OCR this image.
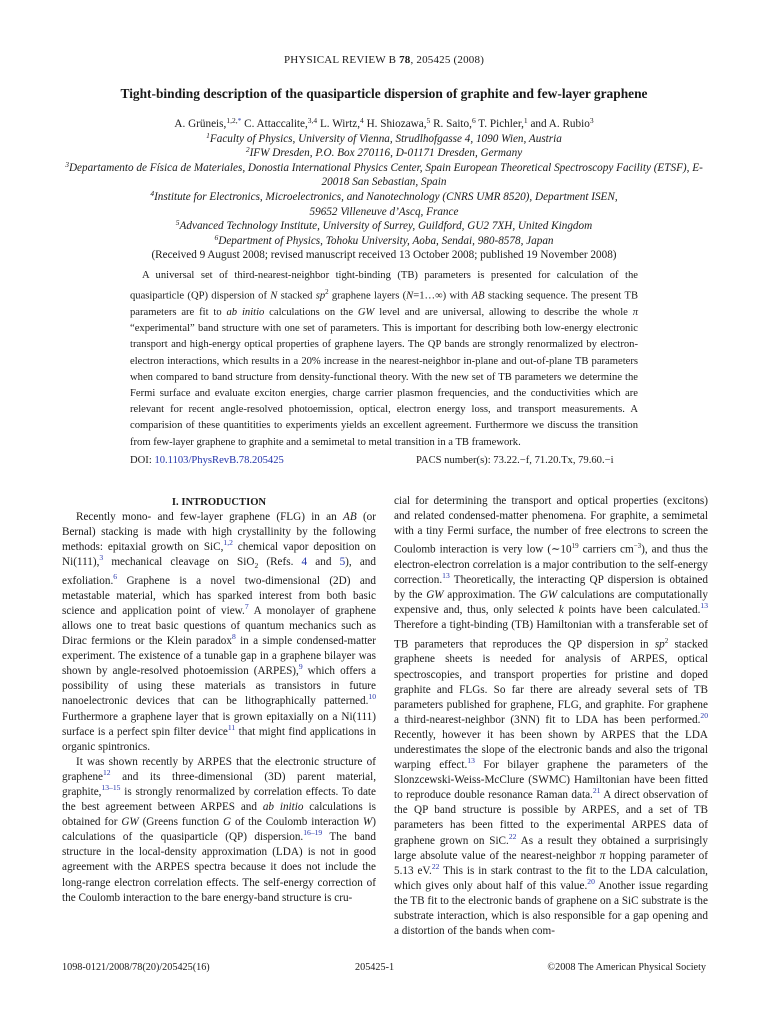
PHYSICAL REVIEW B 78, 205425 (2008)
Tight-binding description of the quasiparticle dispersion of graphite and few-layer graphene
A. Grüneis,$^{1,2,*}$ C. Attaccalite,$^{3,4}$ L. Wirtz,$^4$ H. Shiozawa,$^5$ R. Saito,$^6$ T. Pichler,$^1$ and A. Rubio$^3$
$^1$Faculty of Physics, University of Vienna, Strudlhofgasse 4, 1090 Wien, Austria
$^2$IFW Dresden, P.O. Box 270116, D-01171 Dresden, Germany
$^3$Departamento de Física de Materiales, Donostia International Physics Center, Spain European Theoretical Spectroscopy Facility (ETSF), E-20018 San Sebastian, Spain
$^4$Institute for Electronics, Microelectronics, and Nanotechnology (CNRS UMR 8520), Department ISEN,
59652 Villeneuve d’Ascq, France
$^5$Advanced Technology Institute, University of Surrey, Guildford, GU2 7XH, United Kingdom
$^6$Department of Physics, Tohoku University, Aoba, Sendai, 980-8578, Japan
(Received 9 August 2008; revised manuscript received 13 October 2008; published 19 November 2008)
A universal set of third-nearest-neighbor tight-binding (TB) parameters is presented for calculation of the quasiparticle (QP) dispersion of N stacked $sp^2$ graphene layers (N=1…∞) with AB stacking sequence. The present TB parameters are fit to ab initio calculations on the GW level and are universal, allowing to describe the whole π “experimental” band structure with one set of parameters. This is important for describing both low-energy electronic transport and high-energy optical properties of graphene layers. The QP bands are strongly renormalized by electron-electron interactions, which results in a 20% increase in the nearest-neighbor in-plane and out-of-plane TB parameters when compared to band structure from density-functional theory. With the new set of TB parameters we determine the Fermi surface and evaluate exciton energies, charge carrier plasmon frequencies, and the conductivities which are relevant for recent angle-resolved photoemission, optical, electron energy loss, and transport measurements. A comparision of these quantitities to experiments yields an excellent agreement. Furthermore we discuss the transition from few-layer graphene to graphite and a semimetal to metal transition in a TB framework.
DOI: 10.1103/PhysRevB.78.205425	PACS number(s): 73.22.−f, 71.20.Tx, 79.60.−i

I. INTRODUCTION

Recently mono- and few-layer graphene (FLG) in an AB (or Bernal) stacking is made with high crystallinity by the following methods: epitaxial growth on SiC,$^{1,2}$ chemical vapor deposition on Ni(111),$^3$ mechanical cleavage on SiO$_2$ (Refs. 4 and 5), and exfoliation.$^6$ Graphene is a novel two-dimensional (2D) and metastable material, which has sparked interest from both basic science and application point of view.$^7$ A monolayer of graphene allows one to treat basic questions of quantum mechanics such as Dirac fermions or the Klein paradox$^8$ in a simple condensed-matter experiment. The existence of a tunable gap in a graphene bilayer was shown by angle-resolved photoemission (ARPES),$^9$ which offers a possibility of using these materials as transistors in future nanoelectronic devices that can be lithographically patterned.$^{10}$ Furthermore a graphene layer that is grown epitaxially on a Ni(111) surface is a perfect spin filter device$^{11}$ that might find applications in organic spintronics.

It was shown recently by ARPES that the electronic structure of graphene$^{12}$ and its three-dimensional (3D) parent material, graphite,$^{13-15}$ is strongly renormalized by correlation effects. To date the best agreement between ARPES and ab initio calculations is obtained for GW (Greens function G of the Coulomb interaction W) calculations of the quasiparticle (QP) dispersion.$^{16-19}$ The band structure in the local-density approximation (LDA) is not in good agreement with the ARPES spectra because it does not include the long-range electron correlation effects. The self-energy correction of the Coulomb interaction to the bare energy-band structure is cru-

cial for determining the transport and optical properties (excitons) and related condensed-matter phenomena. For graphite, a semimetal with a tiny Fermi surface, the number of free electrons to screen the Coulomb interaction is very low ($\sim 10^{19}$ carriers $cm^{-3}$), and thus the electron-electron correlation is a major contribution to the self-energy correction.$^{13}$ Theoretically, the interacting QP dispersion is obtained by the GW approximation. The GW calculations are computationally expensive and, thus, only selected k points have been calculated.$^{13}$ Therefore a tight-binding (TB) Hamiltonian with a transferable set of TB parameters that reproduces the QP dispersion in $sp^2$ stacked graphene sheets is needed for analysis of ARPES, optical spectroscopies, and transport properties for pristine and doped graphite and FLGs. So far there are already several sets of TB parameters published for graphene, FLG, and graphite. For graphene a third-nearest-neighbor (3NN) fit to LDA has been performed.$^{20}$ Recently, however it has been shown by ARPES that the LDA underestimates the slope of the electronic bands and also the trigonal warping effect.$^{13}$ For bilayer graphene the parameters of the Slonzcewski-Weiss-McClure (SWMC) Hamiltonian have been fitted to reproduce double resonance Raman data.$^{21}$ A direct observation of the QP band structure is possible by ARPES, and a set of TB parameters has been fitted to the experimental ARPES data of graphene grown on SiC.$^{22}$ As a result they obtained a surprisingly large absolute value of the nearest-neighbor π hopping parameter of 5.13 eV.$^{22}$ This is in stark contrast to the fit to the LDA calculation, which gives only about half of this value.$^{20}$ Another issue regarding the TB fit to the electronic bands of graphene on a SiC substrate is the substrate interaction, which is also responsible for a gap opening and a distortion of the bands when com-

1098-0121/2008/78(20)/205425(16)	205425-1	©2008 The American Physical Society
